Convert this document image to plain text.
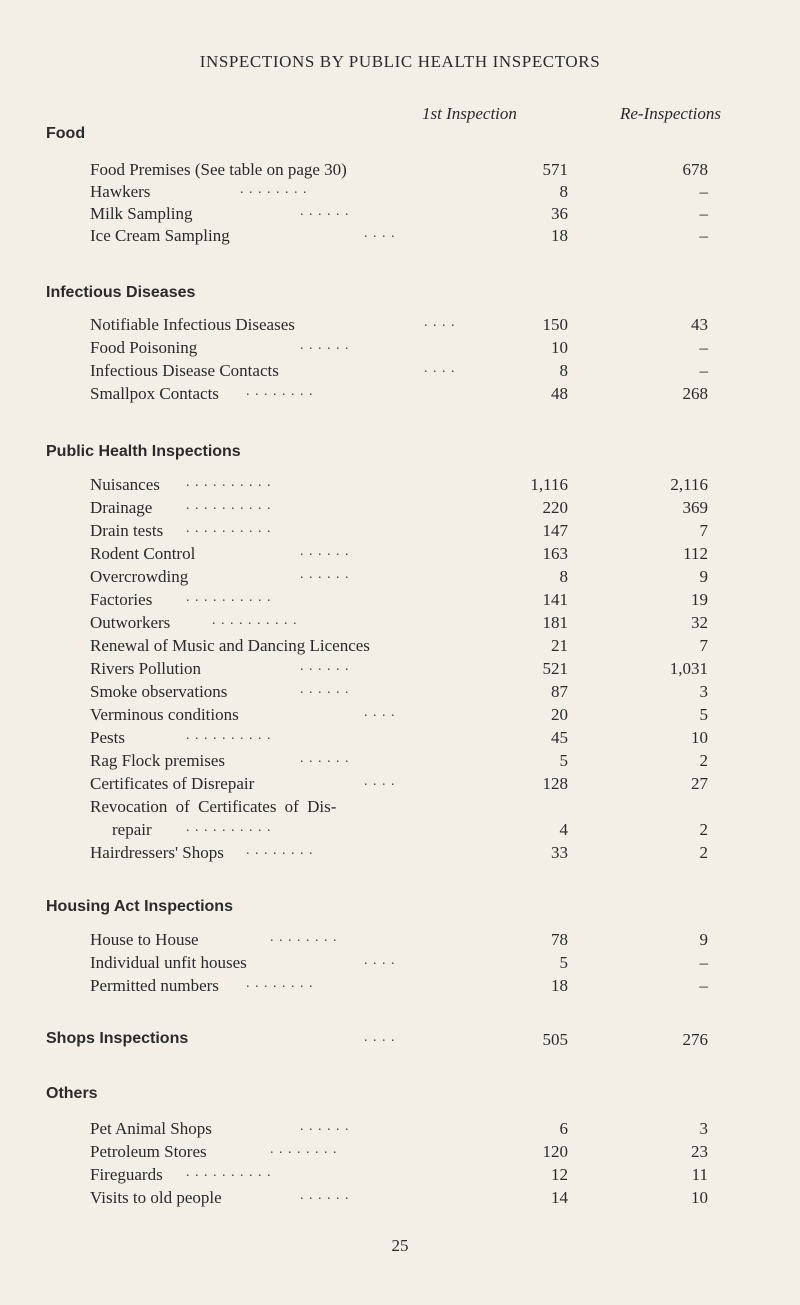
INSPECTIONS BY PUBLIC HEALTH INSPECTORS
1st Inspection	Re-Inspections
Food
Food Premises (See table on page 30)	571	678
Hawkers	. . . . . . . .	8	–
Milk Sampling	. . . . . .	36	–
Ice Cream Sampling	. . . .	18	–
Infectious Diseases
Notifiable Infectious Diseases	. . . .	150	43
Food Poisoning	. . . . . .	10	–
Infectious Disease Contacts	. . . .	8	–
Smallpox Contacts . . . . . . . .	48	268
Public Health Inspections
Nuisances . . . . . . . . . .	1,116	2,116
Drainage . . . . . . . . . .	220	369
Drain tests . . . . . . . . . .	147	7
Rodent Control	. . . . . .	163	112
Overcrowding	. . . . . .	8	9
Factories . . . . . . . . . .	141	19
Outworkers	. . . . . . . . . .	181	32
Renewal of Music and Dancing Licences	21	7
Rivers Pollution	. . . . . .	521	1,031
Smoke observations	. . . . . .	87	3
Verminous conditions	. . . .	20	5
Pests	. . . . . . . . . .	45	10
Rag Flock premises	. . . . . .	5	2
Certificates of Disrepair	. . . .	128	27
Revocation of Certificates of Dis-
repair . . . . . . . . . .	4	2
Hairdressers' Shops . . . . . . . .	33	2
Housing Act Inspections
House to House	. . . . . . . .	78	9
Individual unfit houses	. . . .	5	–
Permitted numbers . . . . . . . .	18	–
Shops Inspections	. . . .	505	276
Others
Pet Animal Shops	. . . . . .	6	3
Petroleum Stores	. . . . . . . .	120	23
Fireguards . . . . . . . . . .	12	11
Visits to old people	. . . . . .	14	10
25
